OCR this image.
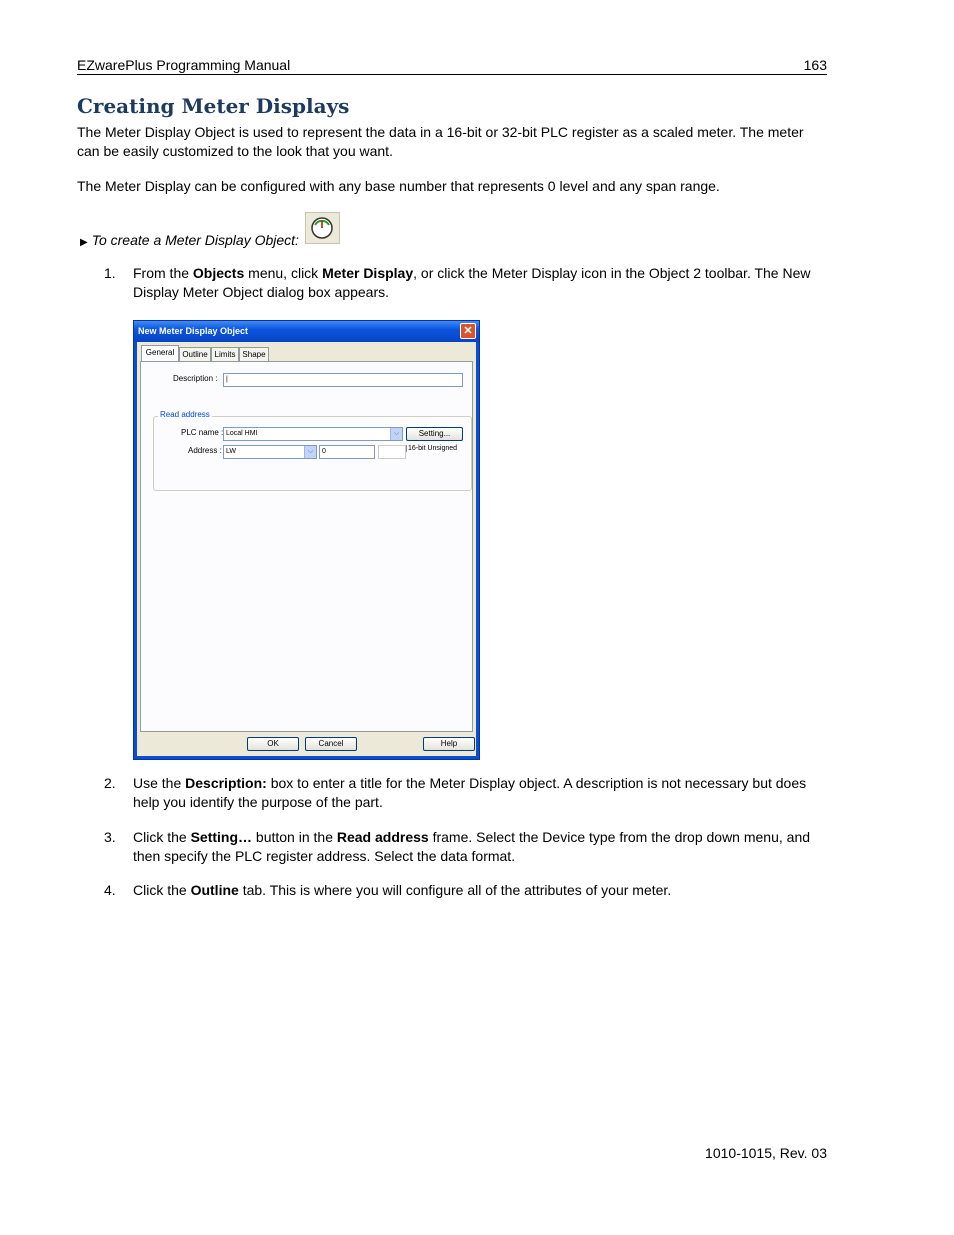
EZwarePlus Programming Manual	163
Creating Meter Displays
The Meter Display Object is used to represent the data in a 16-bit or 32-bit PLC register as a scaled meter. The meter can be easily customized to the look that you want.
The Meter Display can be configured with any base number that represents 0 level and any span range.
▶ To create a Meter Display Object:
1. From the Objects menu, click Meter Display, or click the Meter Display icon in the Object 2 toolbar. The New Display Meter Object dialog box appears.
New Meter Display Object	✕
General	Outline Limits Shape
Description :	|
Read address
PLC name : Local HMI	⌵	Setting...
Address : LW	⌵	0	16-bit Unsigned
OK	Cancel	Help
2. Use the Description: box to enter a title for the Meter Display object. A description is not necessary but does help you identify the purpose of the part.
3. Click the Setting… button in the Read address frame. Select the Device type from the drop down menu, and then specify the PLC register address. Select the data format.
4. Click the Outline tab. This is where you will configure all of the attributes of your meter.
1010-1015, Rev. 03
